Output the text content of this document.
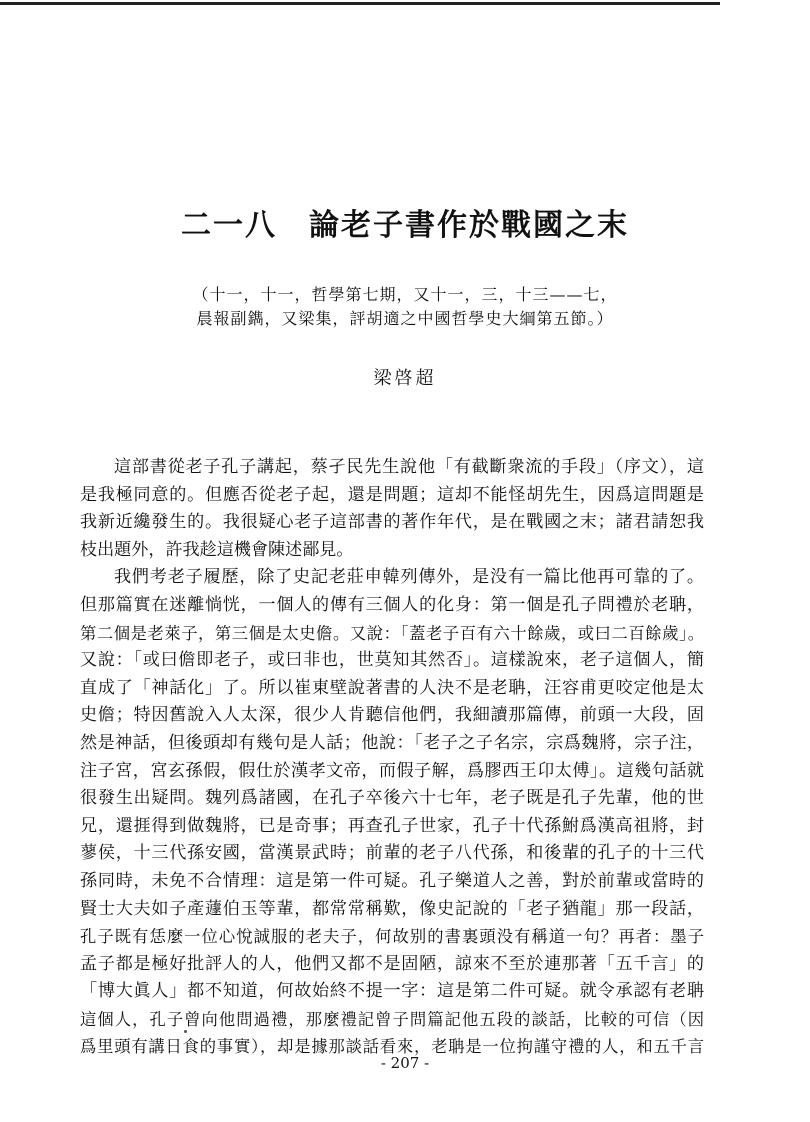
二一八　論老子書作於戰國之末
（十一，十一，哲學第七期，又十一，三，十三——七，
晨報副鐫，又梁集，評胡適之中國哲學史大綱第五節。）
梁啓超
這部書從老子孔子講起，蔡孑民先生說他「有截斷衆流的手段」（序文），這
是我極同意的。但應否從老子起，還是問題；這却不能怪胡先生，因爲這問題是
我新近纔發生的。我很疑心老子這部書的著作年代，是在戰國之末；諸君請恕我
枝出題外，許我趁這機會陳述鄙見。
我們考老子履歷，除了史記老莊申韓列傳外，是没有一篇比他再可靠的了。
但那篇實在迷離惝恍，一個人的傳有三個人的化身：第一個是孔子問禮於老聃，
第二個是老萊子，第三個是太史儋。又說：「蓋老子百有六十餘歲，或曰二百餘歲」。
又說：「或曰儋即老子，或曰非也，世莫知其然否」。這樣說來，老子這個人，簡
直成了「神話化」了。所以崔東壁說著書的人決不是老聃，汪容甫更咬定他是太
史儋；特因舊說入人太深，很少人肯聽信他們，我細讀那篇傳，前頭一大段，固
然是神話，但後頭却有幾句是人話；他說：「老子之子名宗，宗爲魏將，宗子注，
注子宮，宮玄孫假，假仕於漢孝文帝，而假子解，爲膠西王卬太傅」。這幾句話就
很發生出疑問。魏列爲諸國，在孔子卒後六十七年，老子既是孔子先輩，他的世
兄，還捱得到做魏將，已是奇事；再查孔子世家，孔子十代孫鮒爲漢高祖將，封
蓼侯，十三代孫安國，當漢景武時；前輩的老子八代孫，和後輩的孔子的十三代
孫同時，未免不合情理：這是第一件可疑。孔子樂道人之善，對於前輩或當時的
賢士大夫如子產蘧伯玉等輩，都常常稱歎，像史記說的「老子猶龍」那一段話，
孔子既有恁麼一位心悅誠服的老夫子，何故别的書裏頭没有稱道一句？再者：墨子
孟子都是極好批評人的人，他們又都不是固陋，諒來不至於連那著「五千言」的
「博大眞人」都不知道，何故始終不提一字：這是第二件可疑。就令承認有老聃
這個人，孔子曾向他問過禮，那麼禮記曾子問篇記他五段的談話，比較的可信（因
爲里頭有講日食的事實），却是據那談話看來，老聃是一位拘謹守禮的人，和五千言
- 207 -
